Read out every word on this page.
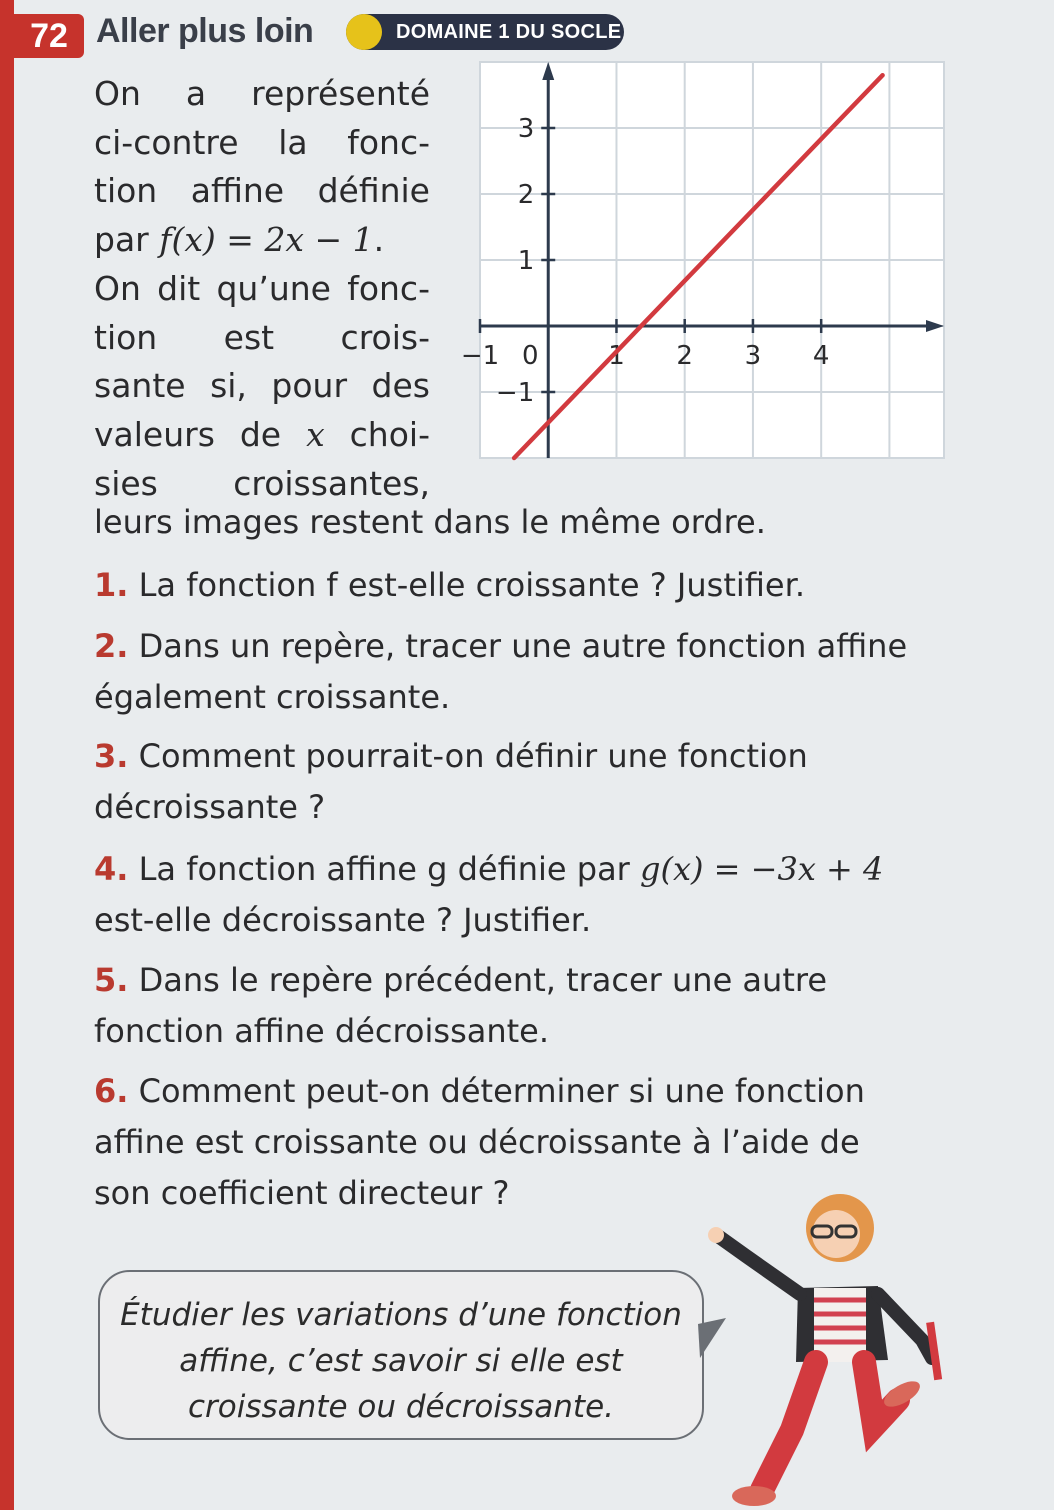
72 Aller plus loin	DOMAINE 1 DU SOCLE

On a représenté

ci-contre la fonc-

tion affine définie

par f(x) = 2x − 1.

On dit qu’une fonc-

tion est crois-

sante si, pour des

valeurs de x choi-

sies croissantes,

−1 0	1 2 3 4
−1
1
2
3

leurs images restent dans le même ordre.

1. La fonction f est-elle croissante ? Justifier.

2. Dans un repère, tracer une autre fonction affine

également croissante.

3. Comment pourrait-on définir une fonction

décroissante ?

4. La fonction affine g définie par g(x) = −3x + 4

est-elle décroissante ? Justifier.

5. Dans le repère précédent, tracer une autre

fonction affine décroissante.

6. Comment peut-on déterminer si une fonction

affine est croissante ou décroissante à l’aide de

son coefficient directeur ?

Étudier les variations d’une fonction
affine, c’est savoir si elle est
croissante ou décroissante.
